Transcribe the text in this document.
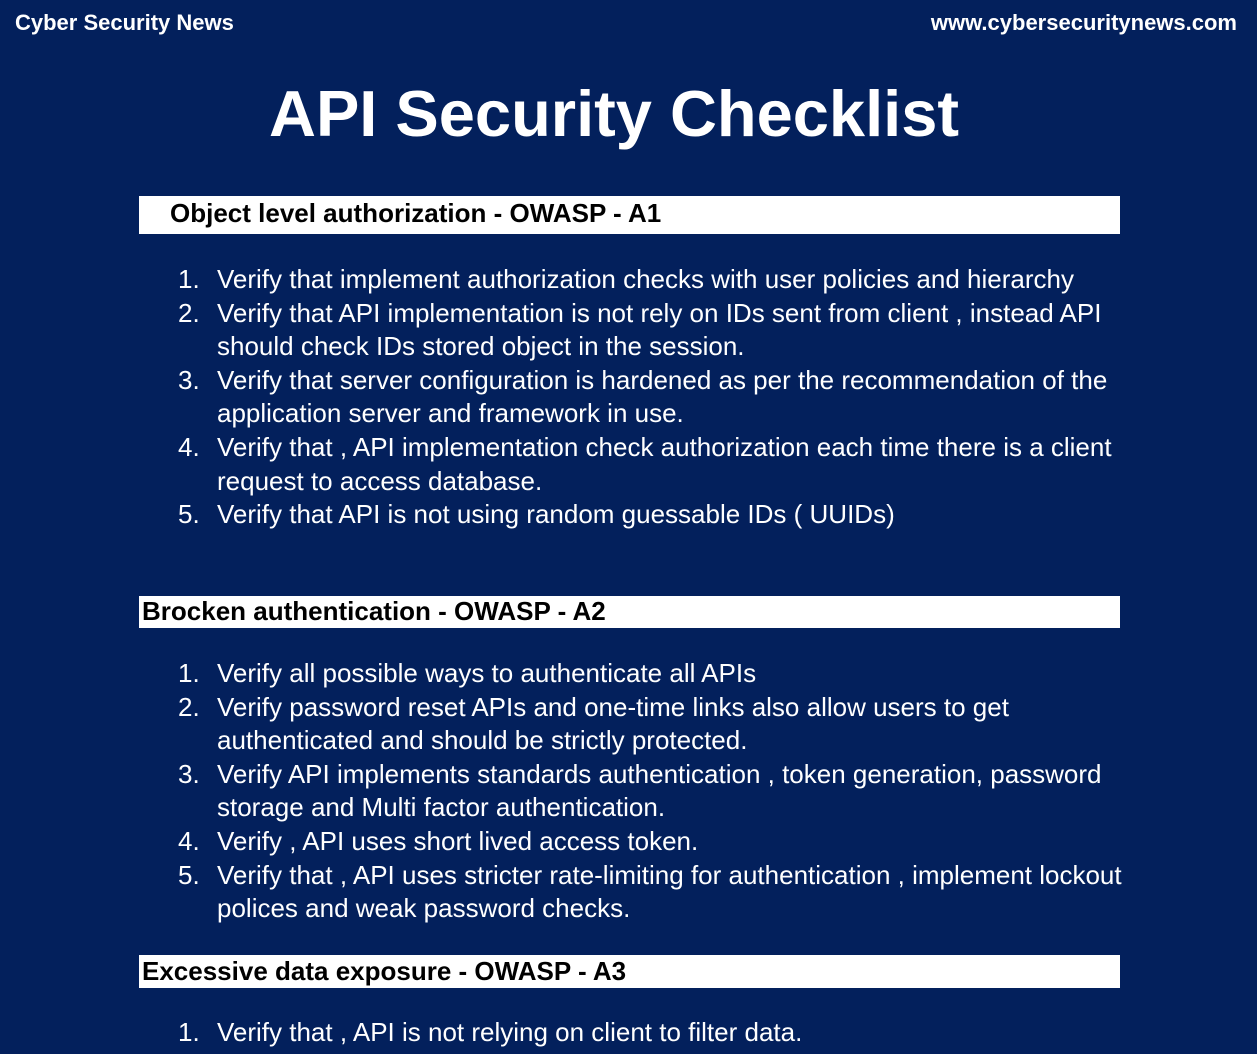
Cyber Security News	www.cybersecuritynews.com
API Security Checklist
Object level authorization - OWASP - A1
1. Verify that implement authorization checks with user policies and hierarchy
2. Verify that API implementation is not rely on IDs sent from client , instead API should check IDs stored object in the session.
3. Verify that server configuration is hardened as per the recommendation of the application server and framework in use.
4. Verify that , API implementation check authorization each time there is a client request to access database.
5. Verify that API is not using random guessable IDs ( UUIDs)
Brocken authentication - OWASP - A2
1. Verify all possible ways to authenticate all APIs
2. Verify password reset APIs and one-time links also allow users to get authenticated and should be strictly protected.
3. Verify API implements standards authentication , token generation, password storage and Multi factor authentication.
4. Verify , API uses short lived access token.
5. Verify that , API uses stricter rate-limiting for authentication , implement lockout polices and weak password checks.
Excessive data exposure - OWASP - A3
1. Verify that , API is not relying on client to filter data.
